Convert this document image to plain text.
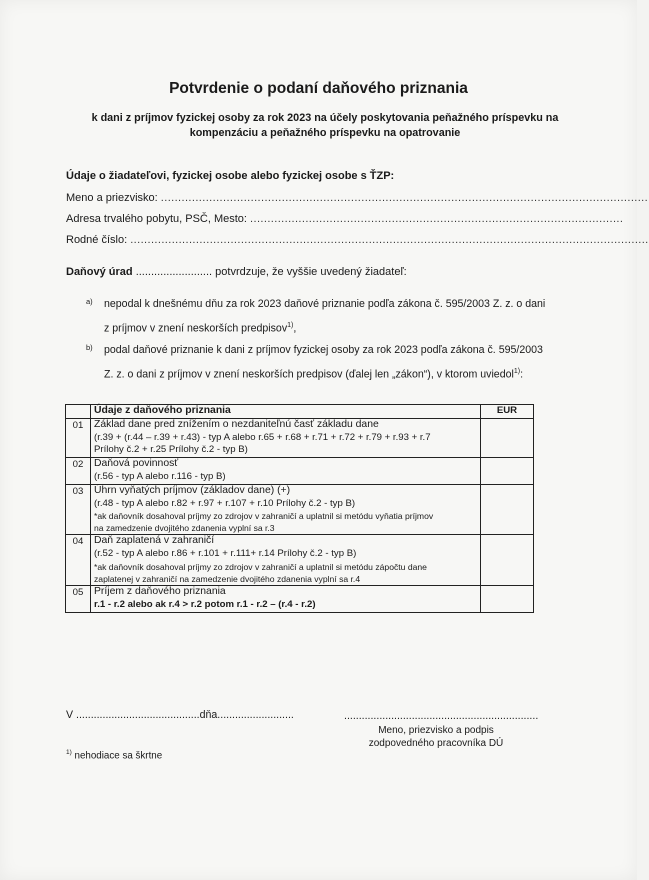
Potvrdenie o podaní daňového priznania
k dani z príjmov fyzickej osoby za rok 2023 na účely poskytovania peňažného príspevku na kompenzáciu a peňažného príspevku na opatrovanie
Údaje o žiadateľovi, fyzickej osobe alebo fyzickej osobe s ŤZP:
Meno a priezvisko: .............................................................................................................................................
Adresa trvalého pobytu, PSČ, Mesto: ............................................................................................................
Rodné číslo: ......................................................................................................................................................
Daňový úrad ......................... potvrdzuje, že vyššie uvedený žiadateľ:
a) nepodal k dnešnému dňu za rok 2023 daňové priznanie podľa zákona č. 595/2003 Z. z. o dani
z príjmov v znení neskorších predpisov$^{1)}$,
b) podal daňové priznanie k dani z príjmov fyzickej osoby za rok 2023 podľa zákona č. 595/2003
Z. z. o dani z príjmov v znení neskorších predpisov (ďalej len „zákon“), v ktorom uviedol$^{1)}$:
	Údaje z daňového priznania	EUR
01	Základ dane pred znížením o nezdaniteľnú časť základu dane
(r.39 + (r.44 – r.39 + r.43) - typ A alebo r.65 + r.68 + r.71 + r.72 + r.79 + r.93 + r.7
Prílohy č.2 + r.25 Prílohy č.2 - typ B)	

02	Daňová povinnosť
(r.56 - typ A alebo r.116 - typ B)	

03	Úhrn vyňatých príjmov (základov dane) (+)
(r.48 - typ A alebo r.82 + r.97 + r.107 + r.10 Prílohy č.2 - typ B)
*ak daňovník dosahoval príjmy zo zdrojov v zahraničí a uplatnil si metódu vyňatia príjmov
na zamedzenie dvojitého zdanenia vyplní sa r.3	

04	Daň zaplatená v zahraničí
(r.52 - typ A alebo r.86 + r.101 + r.111+ r.14 Prílohy č.2 - typ B)
*ak daňovník dosahoval príjmy zo zdrojov v zahraničí a uplatnil si metódu zápočtu dane
zaplatenej v zahraničí na zamedzenie dvojitého zdanenia vyplní sa r.4	

05	Príjem z daňového priznania
r.1 - r.2 alebo ak r.4 > r.2 potom r.1 - r.2 – (r.4 - r.2)	

V ..........................................dňa..........................	..................................................................
Meno, priezvisko a podpis
zodpovedného pracovníka DÚ
$^{1)}$ nehodiace sa škrtne
